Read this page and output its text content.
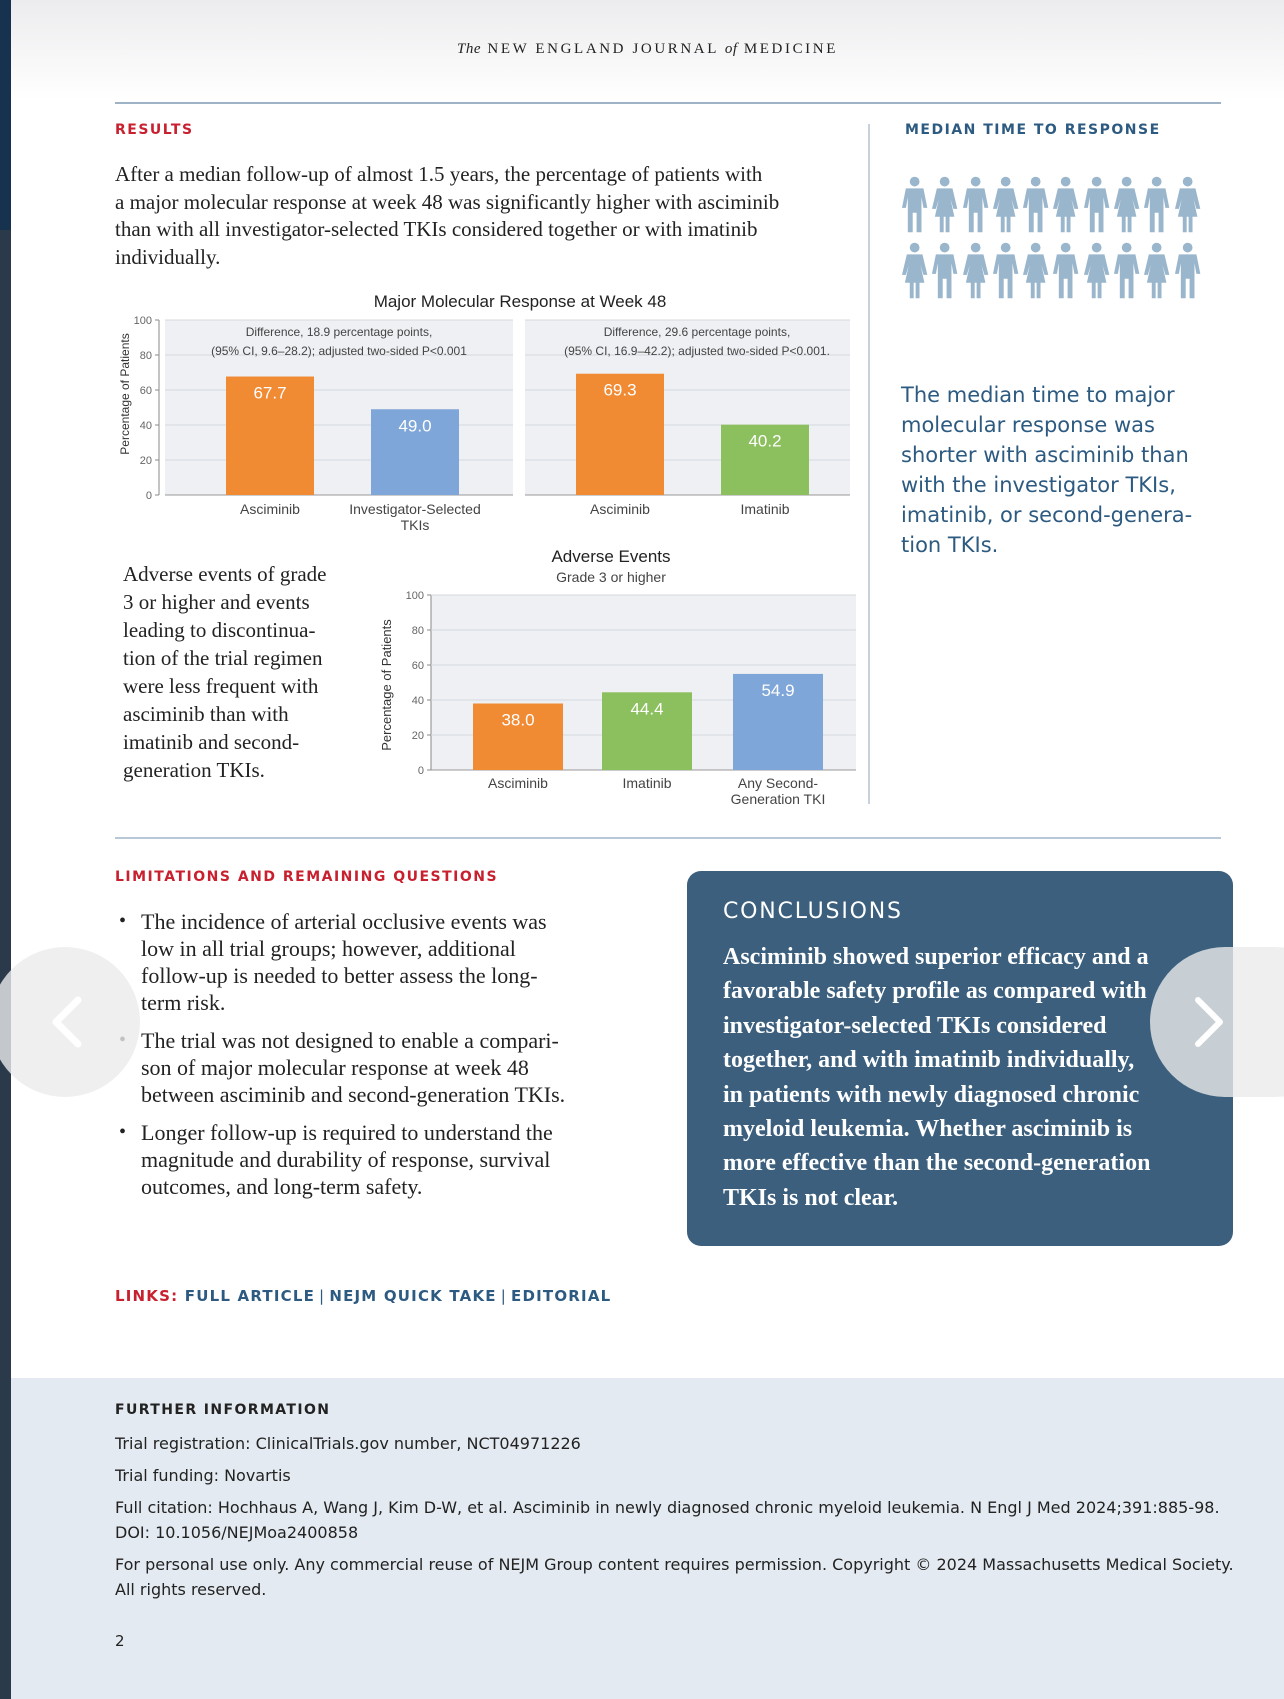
The NEW ENGLAND JOURNAL of MEDICINE
RESULTS
After a median follow-up of almost 1.5 years, the percentage of patients with
a major molecular response at week 48 was significantly higher with asciminib
than with all investigator-selected TKIs considered together or with imatinib
individually.
Major Molecular Response at Week 48
Percentage of Patients
0
20
40
60
80
100
Difference, 18.9 percentage points,
(95% CI, 9.6–28.2); adjusted two-sided P<0.001
Difference, 29.6 percentage points,
(95% CI, 16.9–42.2); adjusted two-sided P<0.001.
67.7
Asciminib
49.0
Investigator-Selected
TKIs
69.3
Asciminib
40.2
Imatinib
Adverse events of grade
3 or higher and events
leading to discontinua-
tion of the trial regimen
were less frequent with
asciminib than with
imatinib and second-
generation TKIs.
Adverse Events
Grade 3 or higher
Percentage of Patients
0
20
40
60
80
100
38.0
Asciminib
44.4
Imatinib
54.9
Any Second-
Generation TKI
MEDIAN TIME TO RESPONSE
The median time to major
molecular response was
shorter with asciminib than
with the investigator TKIs,
imatinib, or second-genera-
tion TKIs.
LIMITATIONS AND REMAINING QUESTIONS
• The incidence of arterial occlusive events was
low in all trial groups; however, additional
follow-up is needed to better assess the long-
term risk.
• The trial was not designed to enable a compari-
son of major molecular response at week 48
between asciminib and second-generation TKIs.
• Longer follow-up is required to understand the
magnitude and durability of response, survival
outcomes, and long-term safety.
CONCLUSIONS
Asciminib showed superior efficacy and a
favorable safety profile as compared with
investigator-selected TKIs considered
together, and with imatinib individually,
in patients with newly diagnosed chronic
myeloid leukemia. Whether asciminib is
more effective than the second-generation
TKIs is not clear.
LINKS: FULL ARTICLE | NEJM QUICK TAKE | EDITORIAL
FURTHER INFORMATION
Trial registration: ClinicalTrials.gov number, NCT04971226
Trial funding: Novartis
Full citation: Hochhaus A, Wang J, Kim D-W, et al. Asciminib in newly diagnosed chronic myeloid leukemia. N Engl J Med 2024;391:885-98.
DOI: 10.1056/NEJMoa2400858
For personal use only. Any commercial reuse of NEJM Group content requires permission. Copyright © 2024 Massachusetts Medical Society.
All rights reserved.
2
